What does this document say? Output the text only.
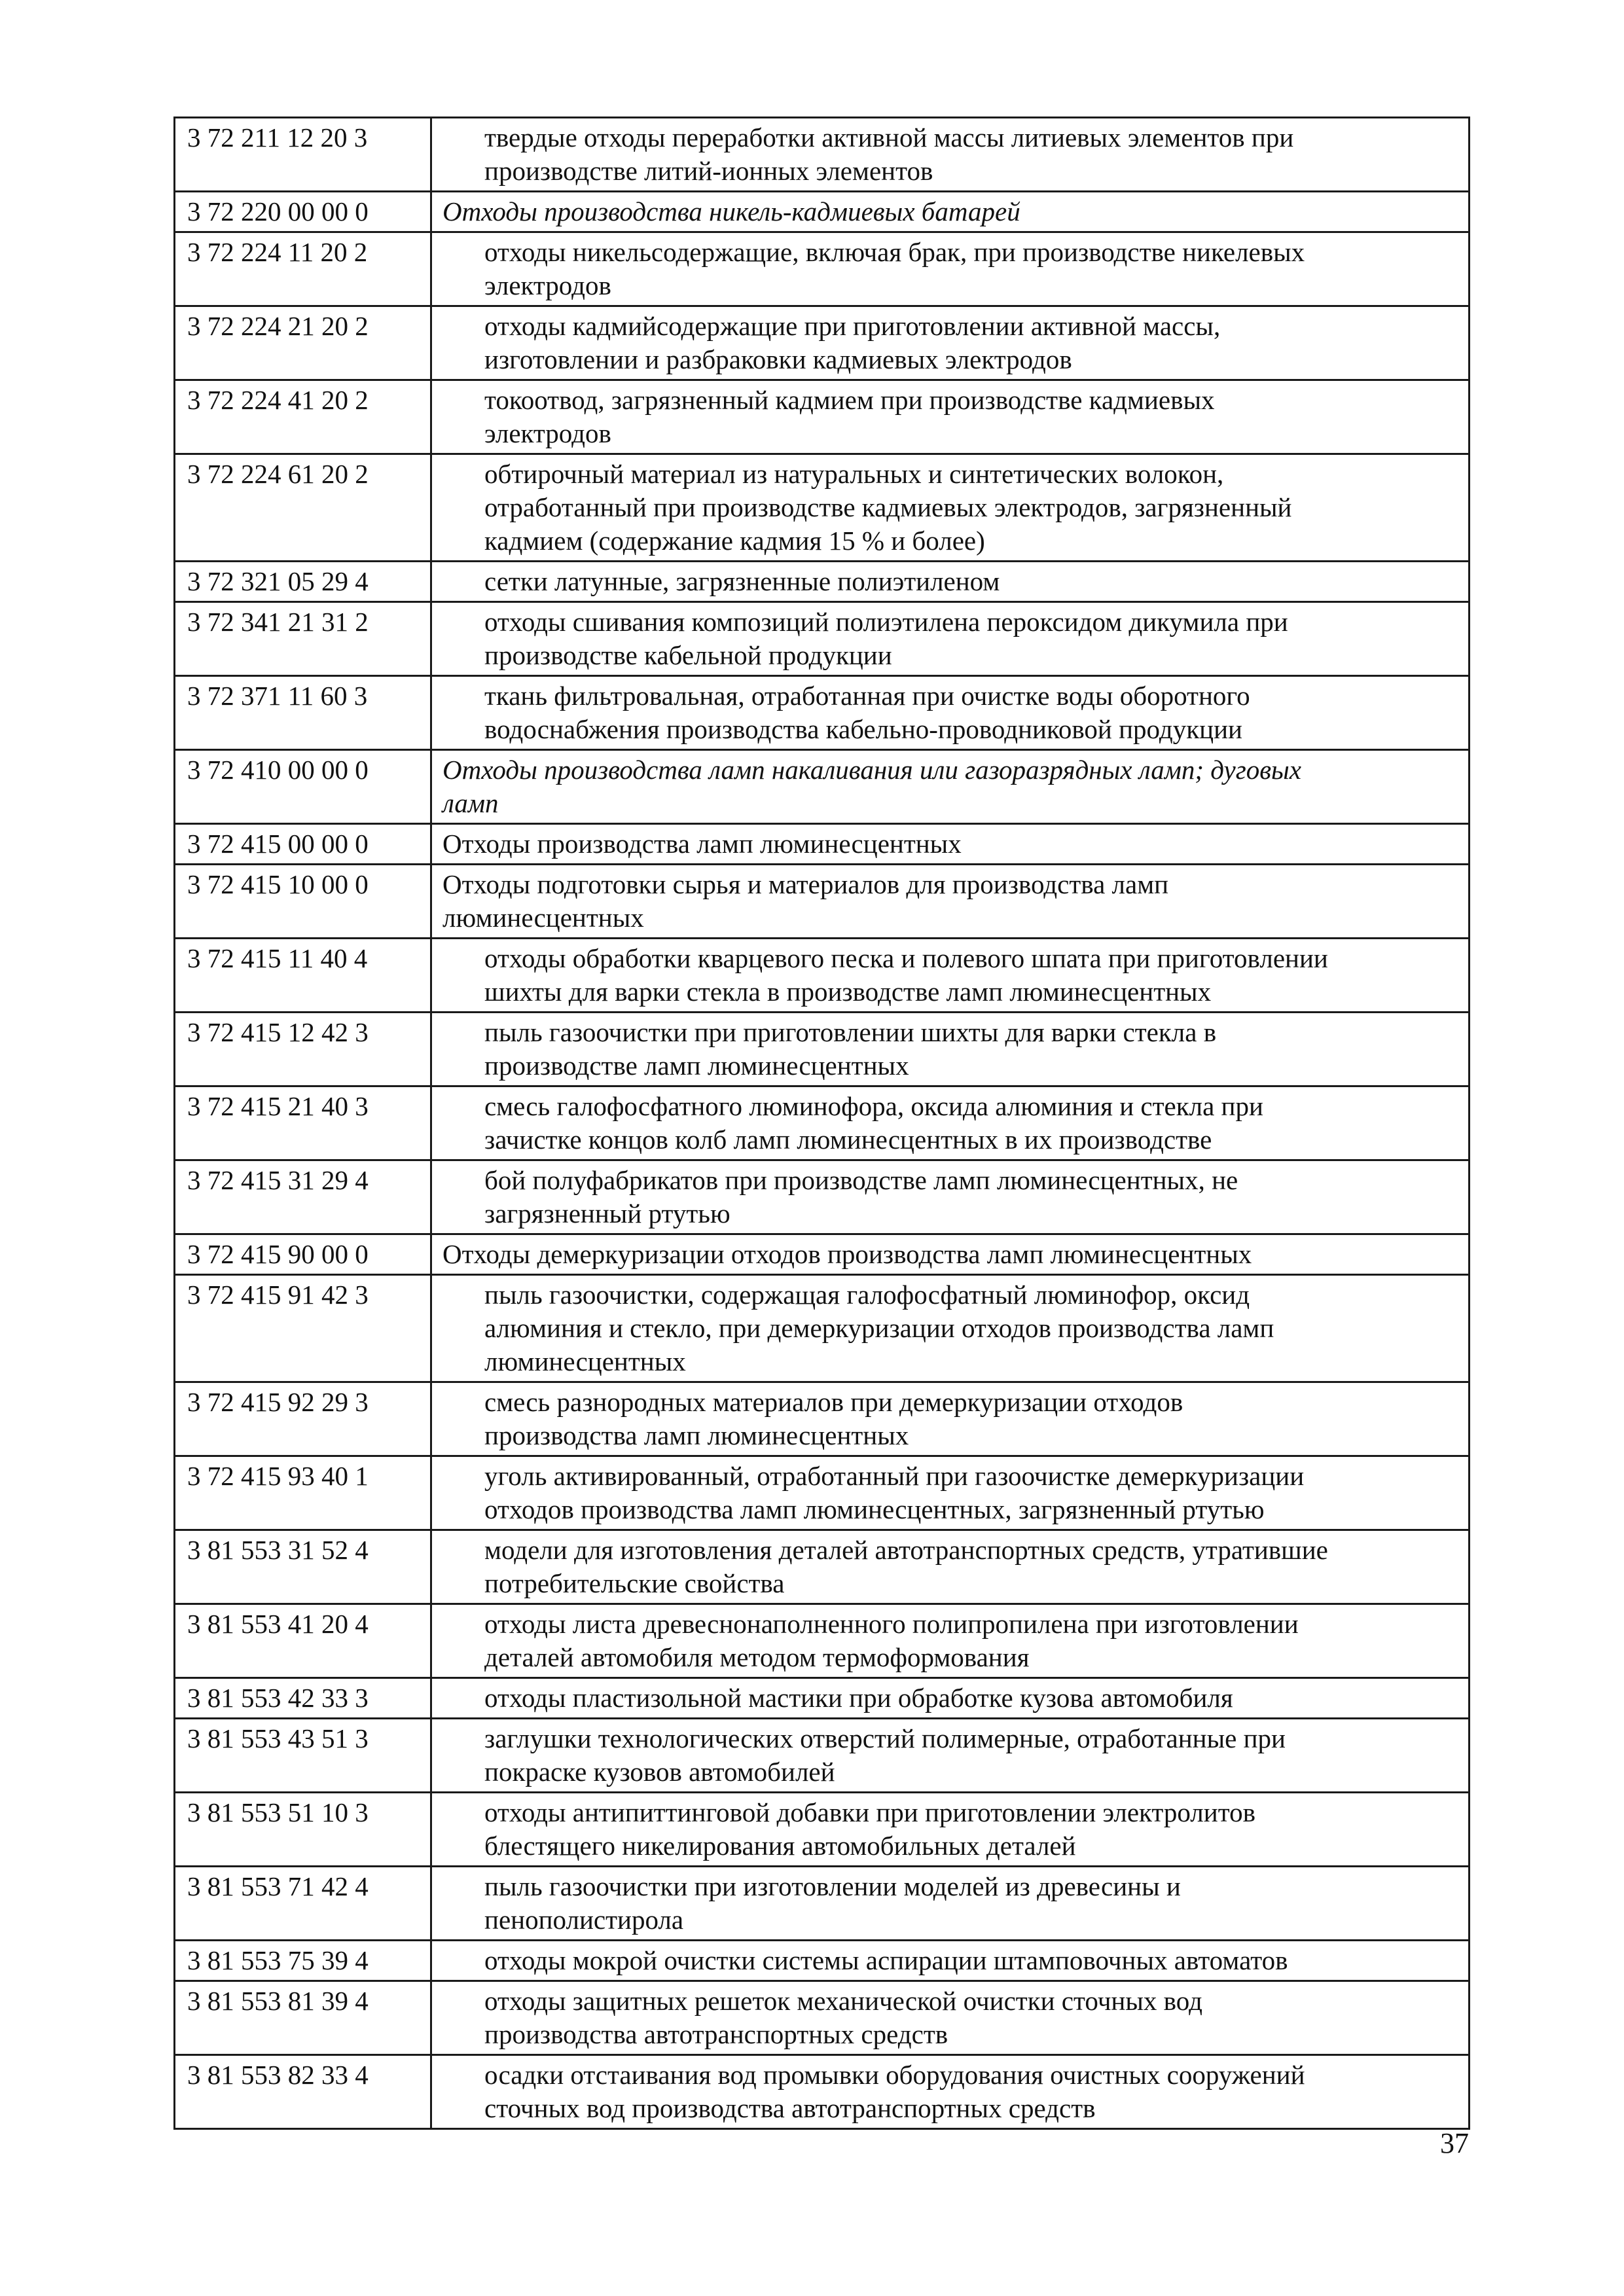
3 72 211 12 20 3	твердые отходы переработки активной массы литиевых элементов при
производстве литий-ионных элементов
3 72 220 00 00 0	Отходы производства никель-кадмиевых батарей
3 72 224 11 20 2	отходы никельсодержащие, включая брак, при производстве никелевых
электродов
3 72 224 21 20 2	отходы кадмийсодержащие при приготовлении активной массы,
изготовлении и разбраковки кадмиевых электродов
3 72 224 41 20 2	токоотвод, загрязненный кадмием при производстве кадмиевых
электродов
3 72 224 61 20 2	обтирочный материал из натуральных и синтетических волокон,
отработанный при производстве кадмиевых электродов, загрязненный
кадмием (содержание кадмия 15 % и более)
3 72 321 05 29 4	сетки латунные, загрязненные полиэтиленом
3 72 341 21 31 2	отходы сшивания композиций полиэтилена пероксидом дикумила при
производстве кабельной продукции
3 72 371 11 60 3	ткань фильтровальная, отработанная при очистке воды оборотного
водоснабжения производства кабельно-проводниковой продукции
3 72 410 00 00 0	Отходы производства ламп накаливания или газоразрядных ламп; дуговых
ламп
3 72 415 00 00 0	Отходы производства ламп люминесцентных
3 72 415 10 00 0	Отходы подготовки сырья и материалов для производства ламп
люминесцентных
3 72 415 11 40 4	отходы обработки кварцевого песка и полевого шпата при приготовлении
шихты для варки стекла в производстве ламп люминесцентных
3 72 415 12 42 3	пыль газоочистки при приготовлении шихты для варки стекла в
производстве ламп люминесцентных
3 72 415 21 40 3	смесь галофосфатного люминофора, оксида алюминия и стекла при
зачистке концов колб ламп люминесцентных в их производстве
3 72 415 31 29 4	бой полуфабрикатов при производстве ламп люминесцентных, не
загрязненный ртутью
3 72 415 90 00 0	Отходы демеркуризации отходов производства ламп люминесцентных
3 72 415 91 42 3	пыль газоочистки, содержащая галофосфатный люминофор, оксид
алюминия и стекло, при демеркуризации отходов производства ламп
люминесцентных
3 72 415 92 29 3	смесь разнородных материалов при демеркуризации отходов
производства ламп люминесцентных
3 72 415 93 40 1	уголь активированный, отработанный при газоочистке демеркуризации
отходов производства ламп люминесцентных, загрязненный ртутью
3 81 553 31 52 4	модели для изготовления деталей автотранспортных средств, утратившие
потребительские свойства
3 81 553 41 20 4	отходы листа древеснонаполненного полипропилена при изготовлении
деталей автомобиля методом термоформования
3 81 553 42 33 3	отходы пластизольной мастики при обработке кузова автомобиля
3 81 553 43 51 3	заглушки технологических отверстий полимерные, отработанные при
покраске кузовов автомобилей
3 81 553 51 10 3	отходы антипиттинговой добавки при приготовлении электролитов
блестящего никелирования автомобильных деталей
3 81 553 71 42 4	пыль газоочистки при изготовлении моделей из древесины и
пенополистирола
3 81 553 75 39 4	отходы мокрой очистки системы аспирации штамповочных автоматов
3 81 553 81 39 4	отходы защитных решеток механической очистки сточных вод
производства автотранспортных средств
3 81 553 82 33 4	осадки отстаивания вод промывки оборудования очистных сооружений
сточных вод производства автотранспортных средств
37
